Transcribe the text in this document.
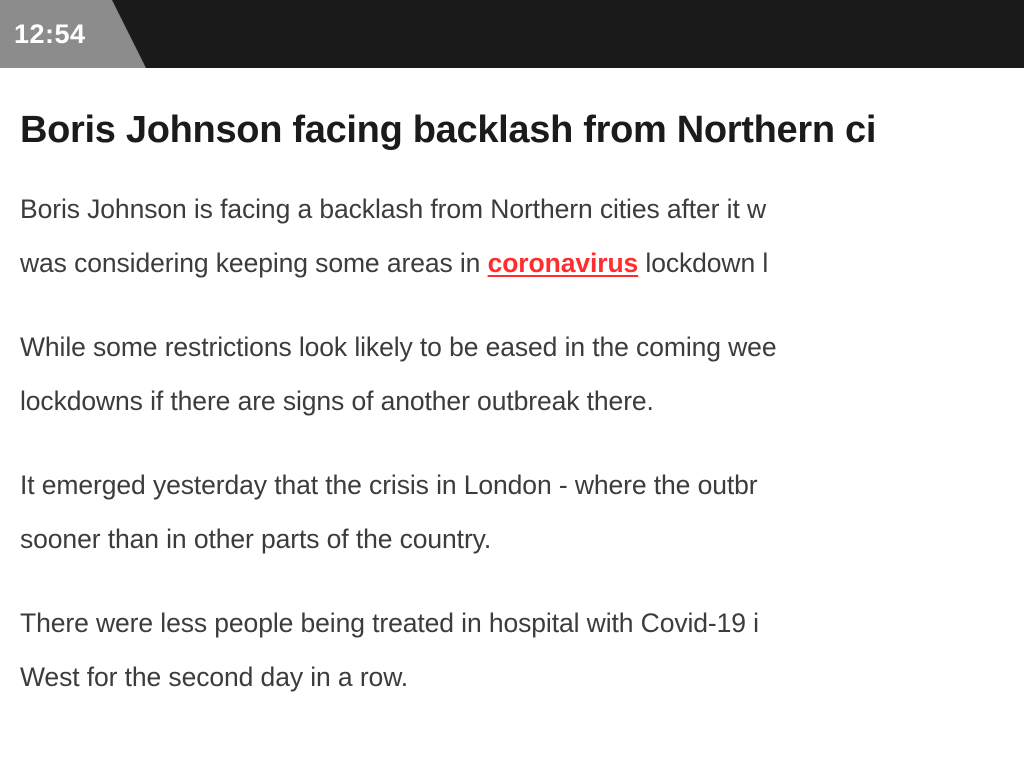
12:54
Boris Johnson facing backlash from Northern ci

Boris Johnson is facing a backlash from Northern cities after it w
was considering keeping some areas in coronavirus lockdown l

While some restrictions look likely to be eased in the coming wee
lockdowns if there are signs of another outbreak there.

It emerged yesterday that the crisis in London - where the outbr
sooner than in other parts of the country.

There were less people being treated in hospital with Covid-19 i
West for the second day in a row.
